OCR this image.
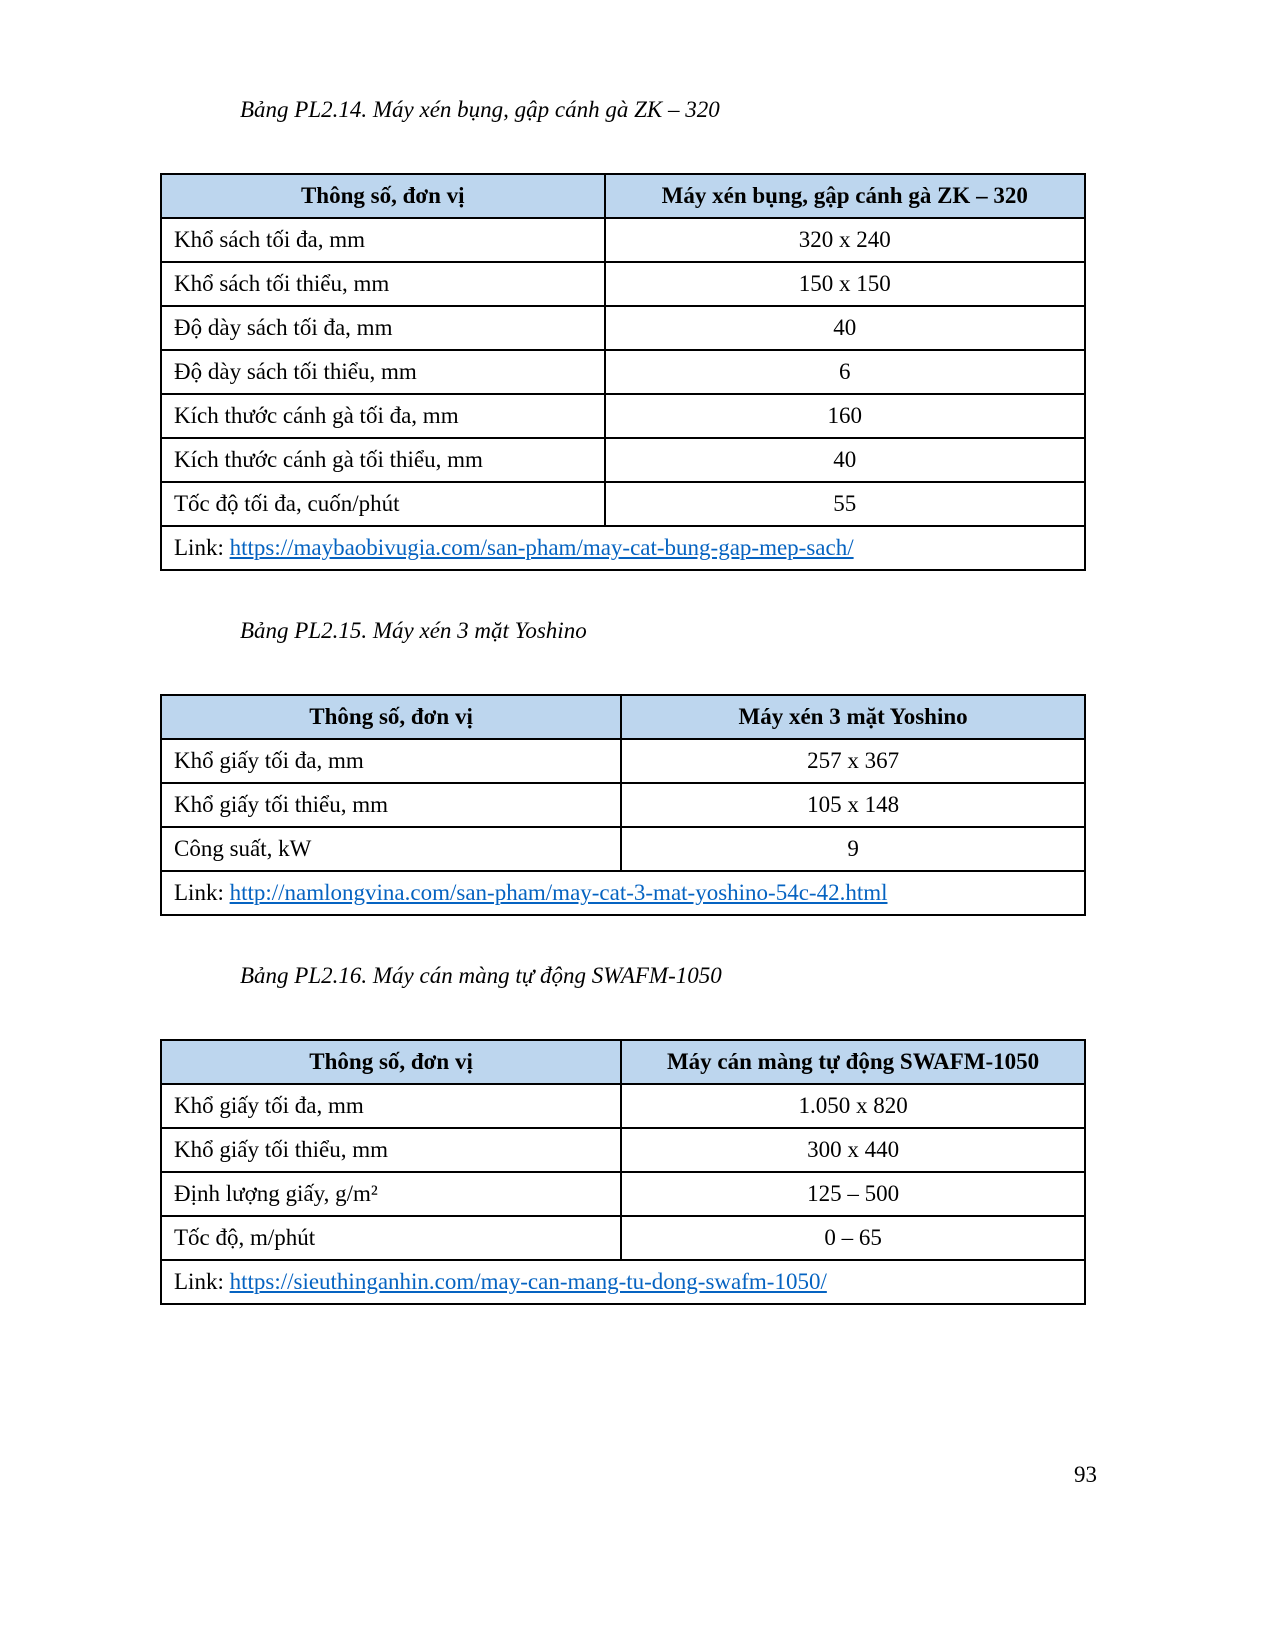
Bảng PL2.14. Máy xén bụng, gập cánh gà ZK – 320

Thông số, đơn vị	Máy xén bụng, gập cánh gà ZK – 320
Khổ sách tối đa, mm	320 x 240
Khổ sách tối thiểu, mm	150 x 150
Độ dày sách tối đa, mm	40
Độ dày sách tối thiểu, mm	6
Kích thước cánh gà tối đa, mm	160
Kích thước cánh gà tối thiểu, mm	40
Tốc độ tối đa, cuốn/phút	55
Link: https://maybaobivugia.com/san-pham/may-cat-bung-gap-mep-sach/	

Bảng PL2.15. Máy xén 3 mặt Yoshino

Thông số, đơn vị	Máy xén 3 mặt Yoshino
Khổ giấy tối đa, mm	257 x 367
Khổ giấy tối thiểu, mm	105 x 148
Công suất, kW	9
Link: http://namlongvina.com/san-pham/may-cat-3-mat-yoshino-54c-42.html	

Bảng PL2.16. Máy cán màng tự động SWAFM-1050

Thông số, đơn vị	Máy cán màng tự động SWAFM-1050
Khổ giấy tối đa, mm	1.050 x 820
Khổ giấy tối thiểu, mm	300 x 440
Định lượng giấy, g/m²	125 – 500
Tốc độ, m/phút	0 – 65
Link: https://sieuthinganhin.com/may-can-mang-tu-dong-swafm-1050/	
93
